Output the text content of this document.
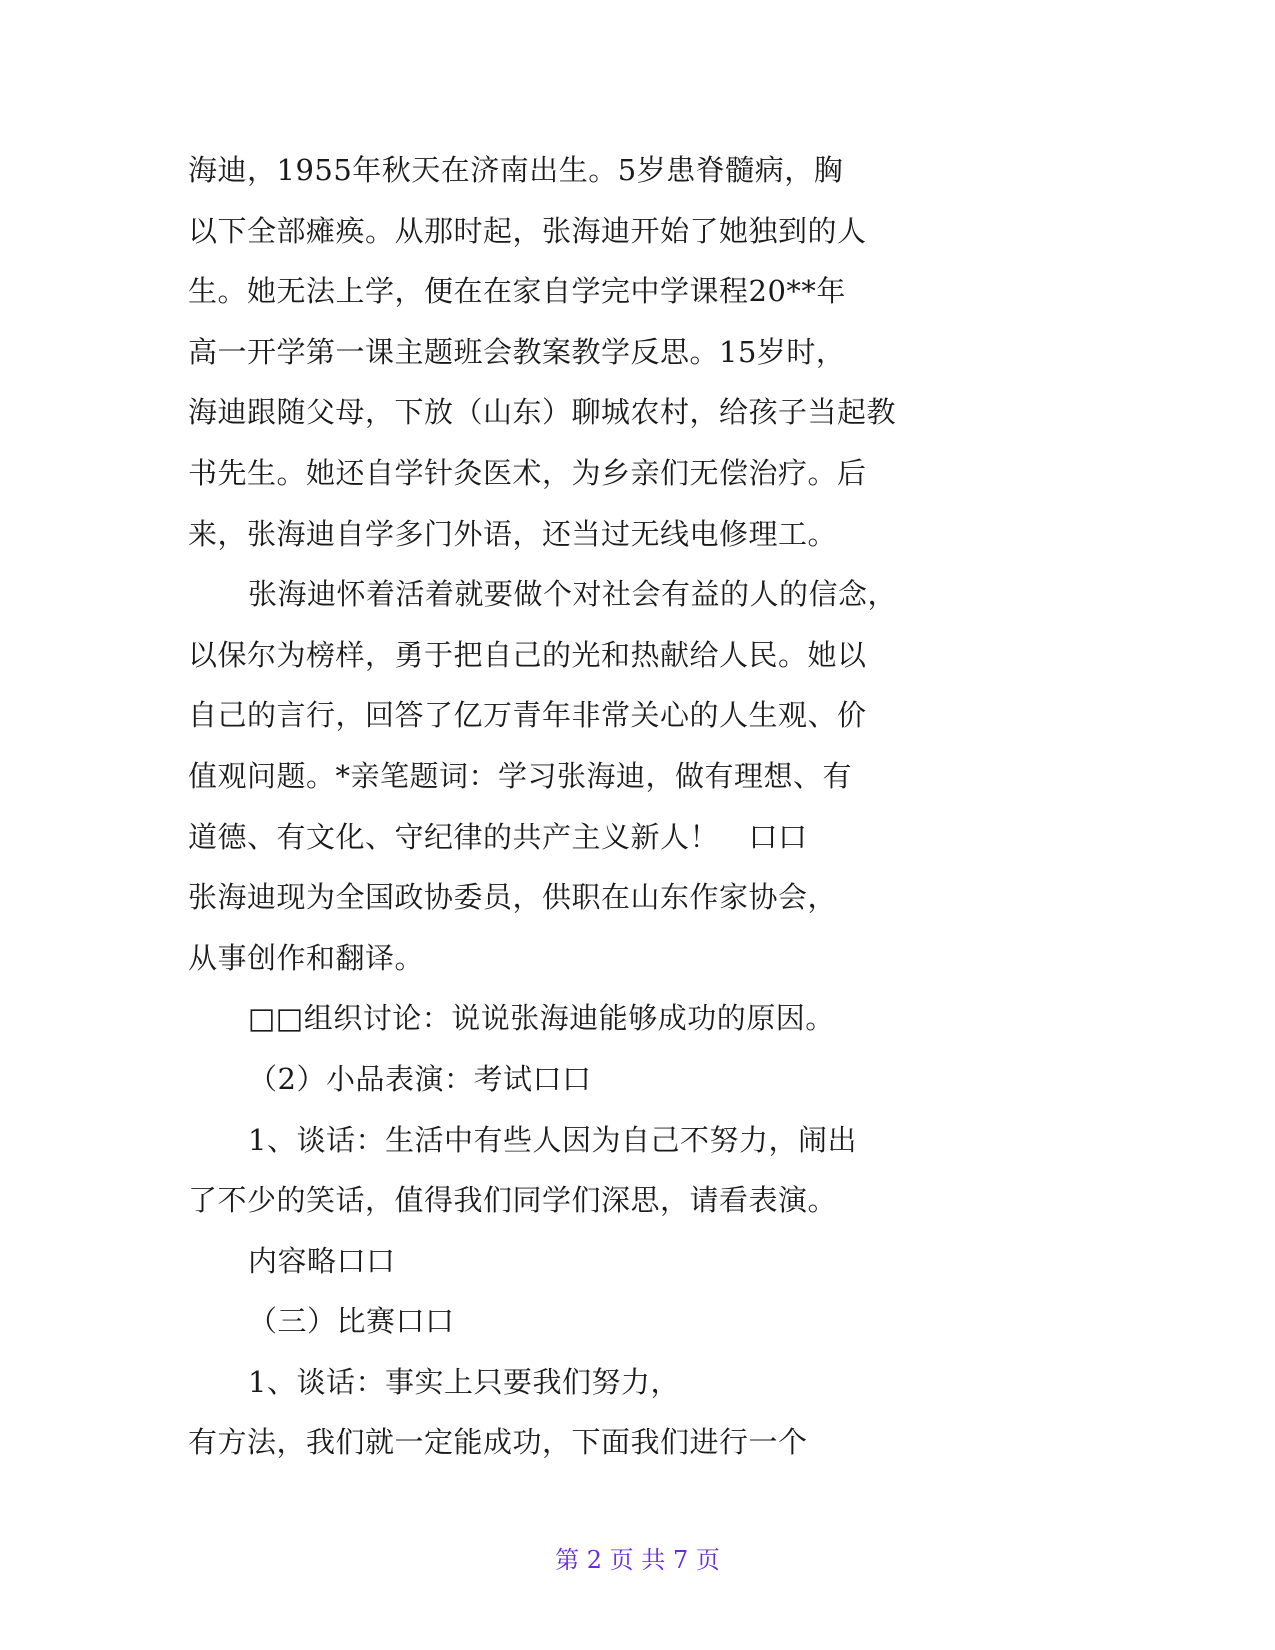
海迪，1955年秋天在济南出生。5岁患脊髓病，胸
以下全部瘫痪。从那时起，张海迪开始了她独到的人
生。她无法上学，便在在家自学完中学课程20**年
高一开学第一课主题班会教案教学反思。15岁时，
海迪跟随父母，下放（山东）聊城农村，给孩子当起教
书先生。她还自学针灸医术，为乡亲们无偿治疗。后
来，张海迪自学多门外语，还当过无线电修理工。
张海迪怀着活着就要做个对社会有益的人的信念，
以保尔为榜样，勇于把自己的光和热献给人民。她以
自己的言行，回答了亿万青年非常关心的人生观、价
值观问题。*亲笔题词：学习张海迪，做有理想、有
道德、有文化、守纪律的共产主义新人！　口口
张海迪现为全国政协委员，供职在山东作家协会，
从事创作和翻译。
□□组织讨论：说说张海迪能够成功的原因。
（2）小品表演：考试口口
1、谈话：生活中有些人因为自己不努力，闹出
了不少的笑话，值得我们同学们深思，请看表演。
内容略口口
（三）比赛口口
1、谈话：事实上只要我们努力，
有方法，我们就一定能成功，下面我们进行一个
第 2 页 共 7 页
